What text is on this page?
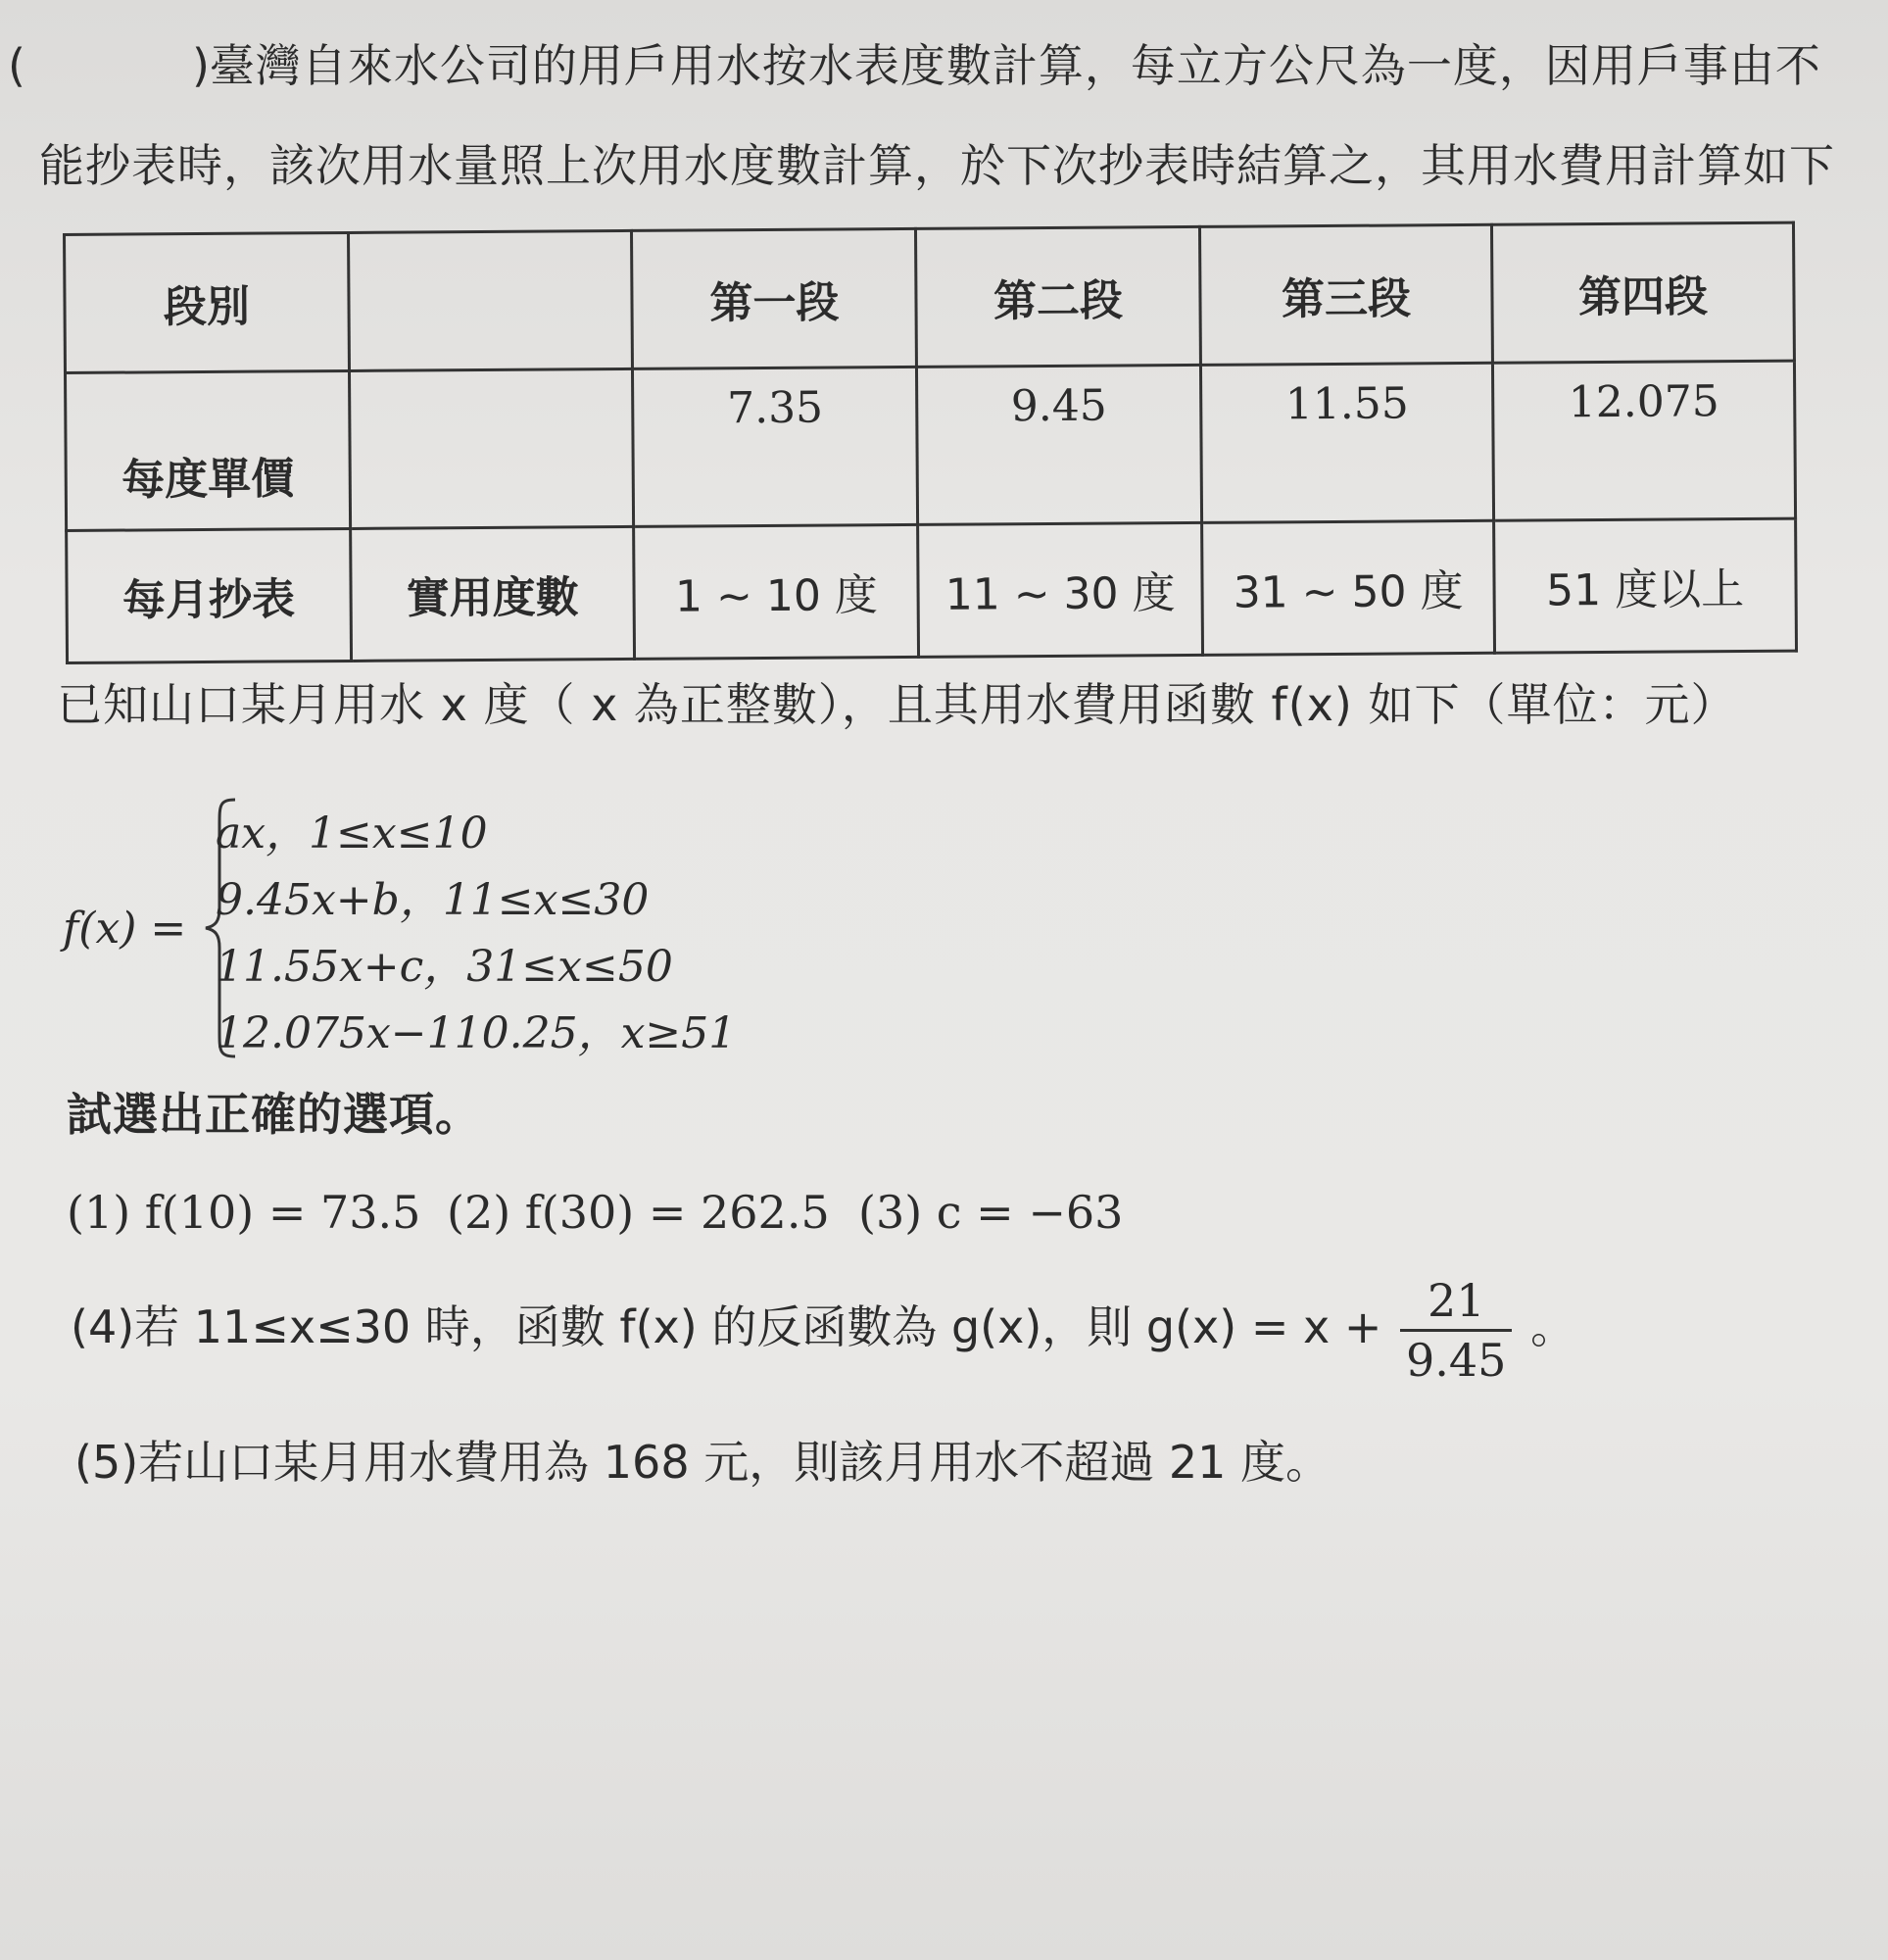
(	)臺灣自來水公司的用戶用水按水表度數計算，每立方公尺為一度，因用戶事由不
能抄表時，該次用水量照上次用水度數計算，於下次抄表時結算之，其用水費用計算如下
段別		第一段	第二段	第三段	第四段
每度單價		7.35	9.45	11.55	12.075
每月抄表	實用度數	1 ~ 10 度	11 ~ 30 度	31 ~ 50 度	51 度以上
已知山口某月用水 x 度（ x 為正整數），且其用水費用函數 f(x) 如下（單位：元）
f(x) =
ax，1≤x≤10
9.45x+b，11≤x≤30
11.55x+c，31≤x≤50
12.075x−110.25，x≥51
試選出正確的選項。
(1) f(10) = 73.5 (2) f(30) = 262.5 (3) c = −63
(4)若 11≤x≤30 時，函數 f(x) 的反函數為 g(x)，則 $g(x) = x + \frac{21}{9.45}$ 。
(5)若山口某月用水費用為 168 元，則該月用水不超過 21 度。
